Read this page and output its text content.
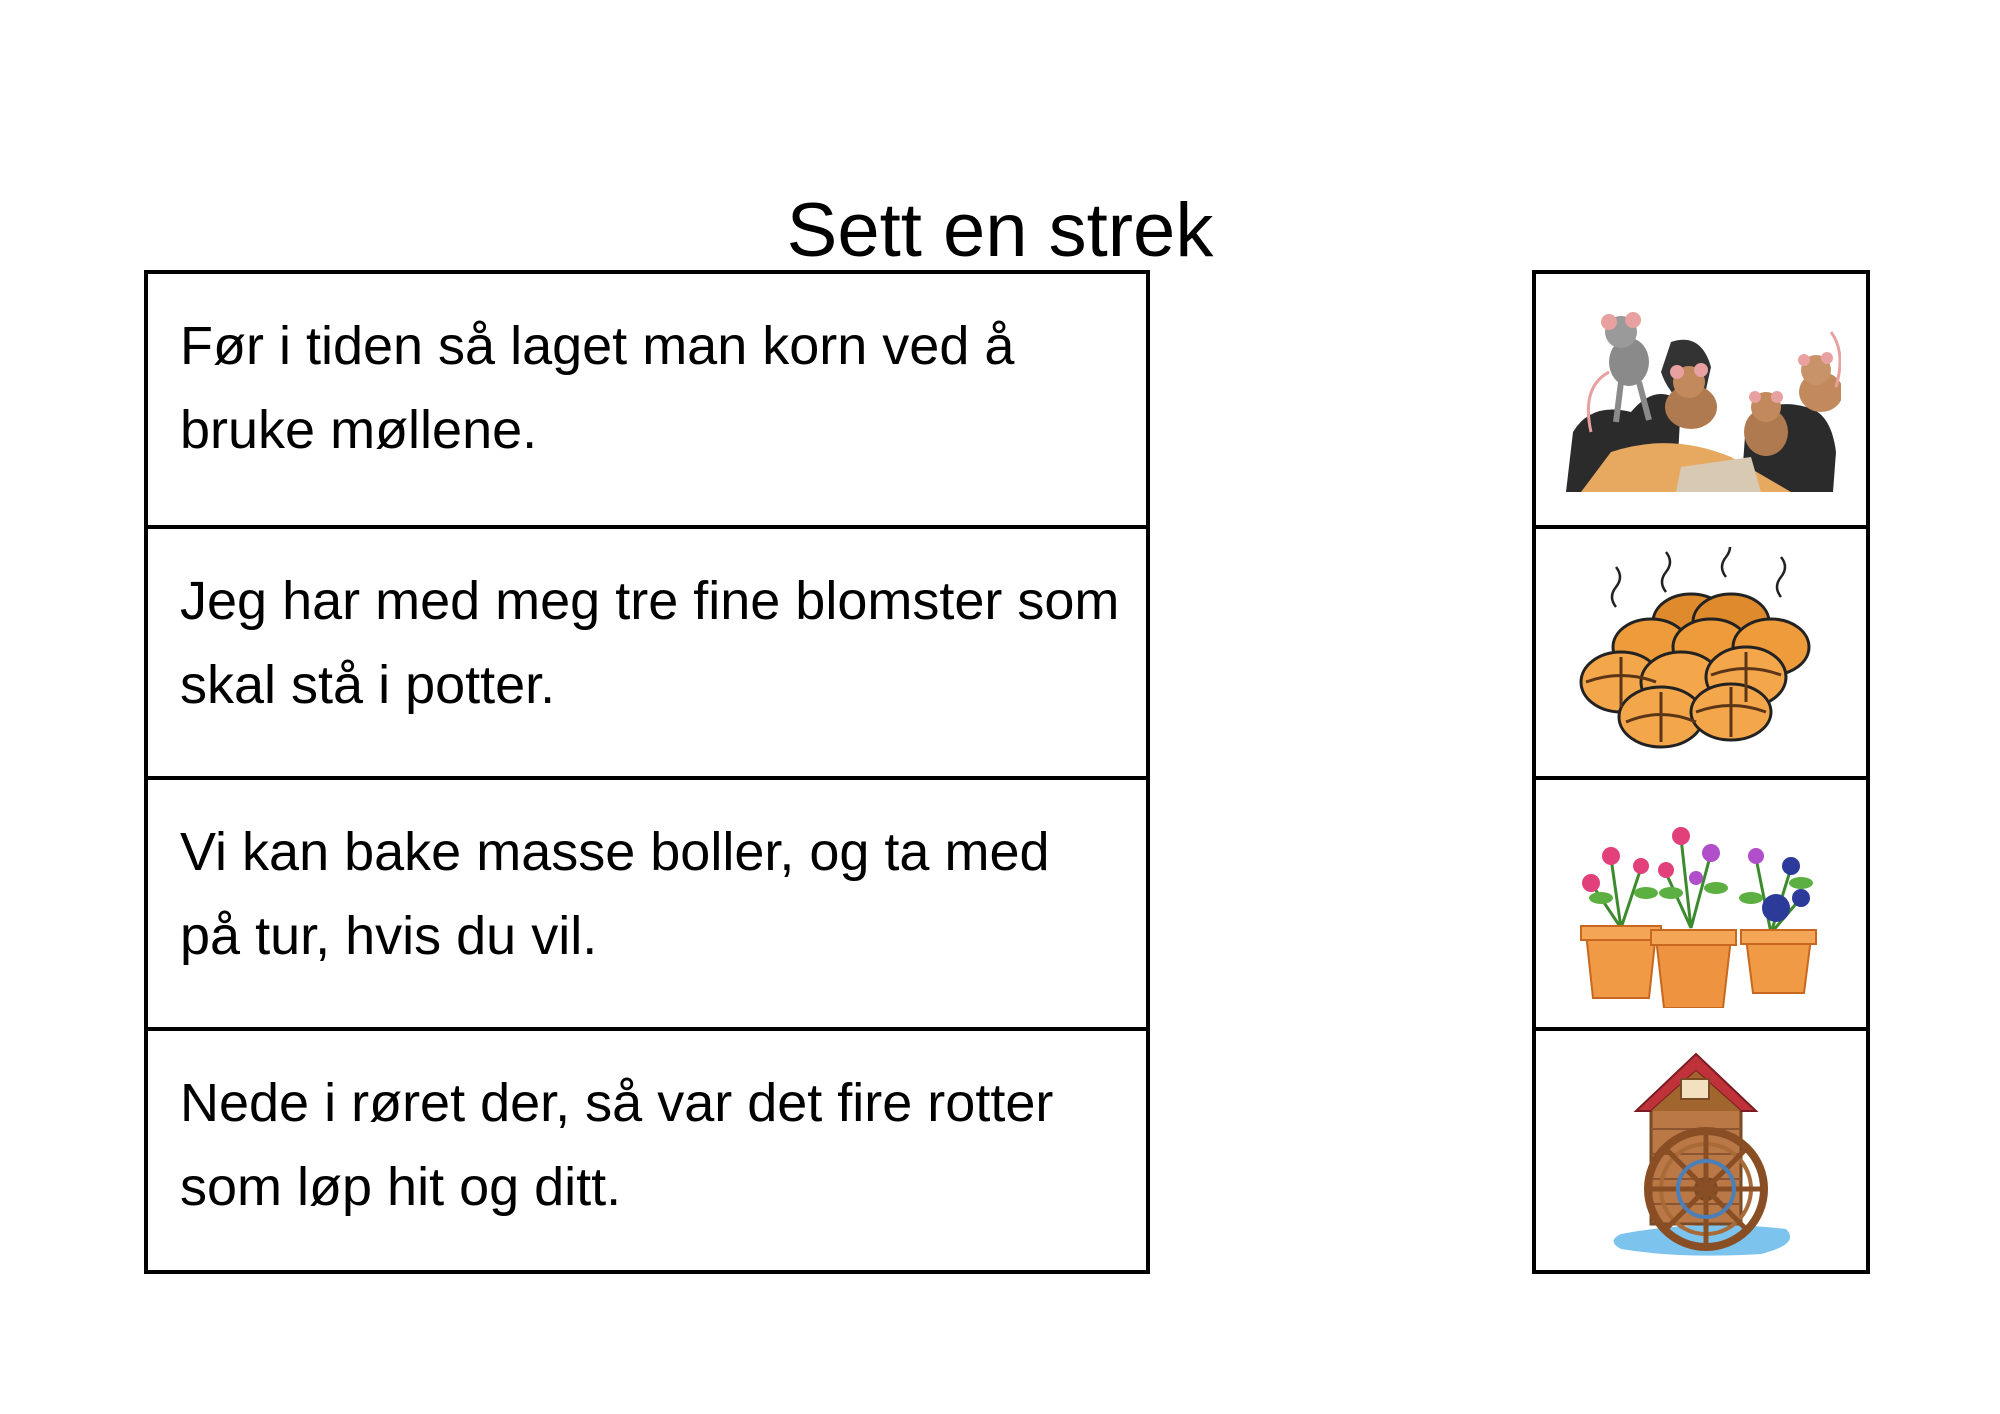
Sett en strek
Før i tiden så laget man korn ved å bruke møllene.
Jeg har med meg tre fine blomster som skal stå i potter.
Vi kan bake masse boller, og ta med på tur, hvis du vil.
Nede i røret der, så var det fire rotter som løp hit og ditt.
